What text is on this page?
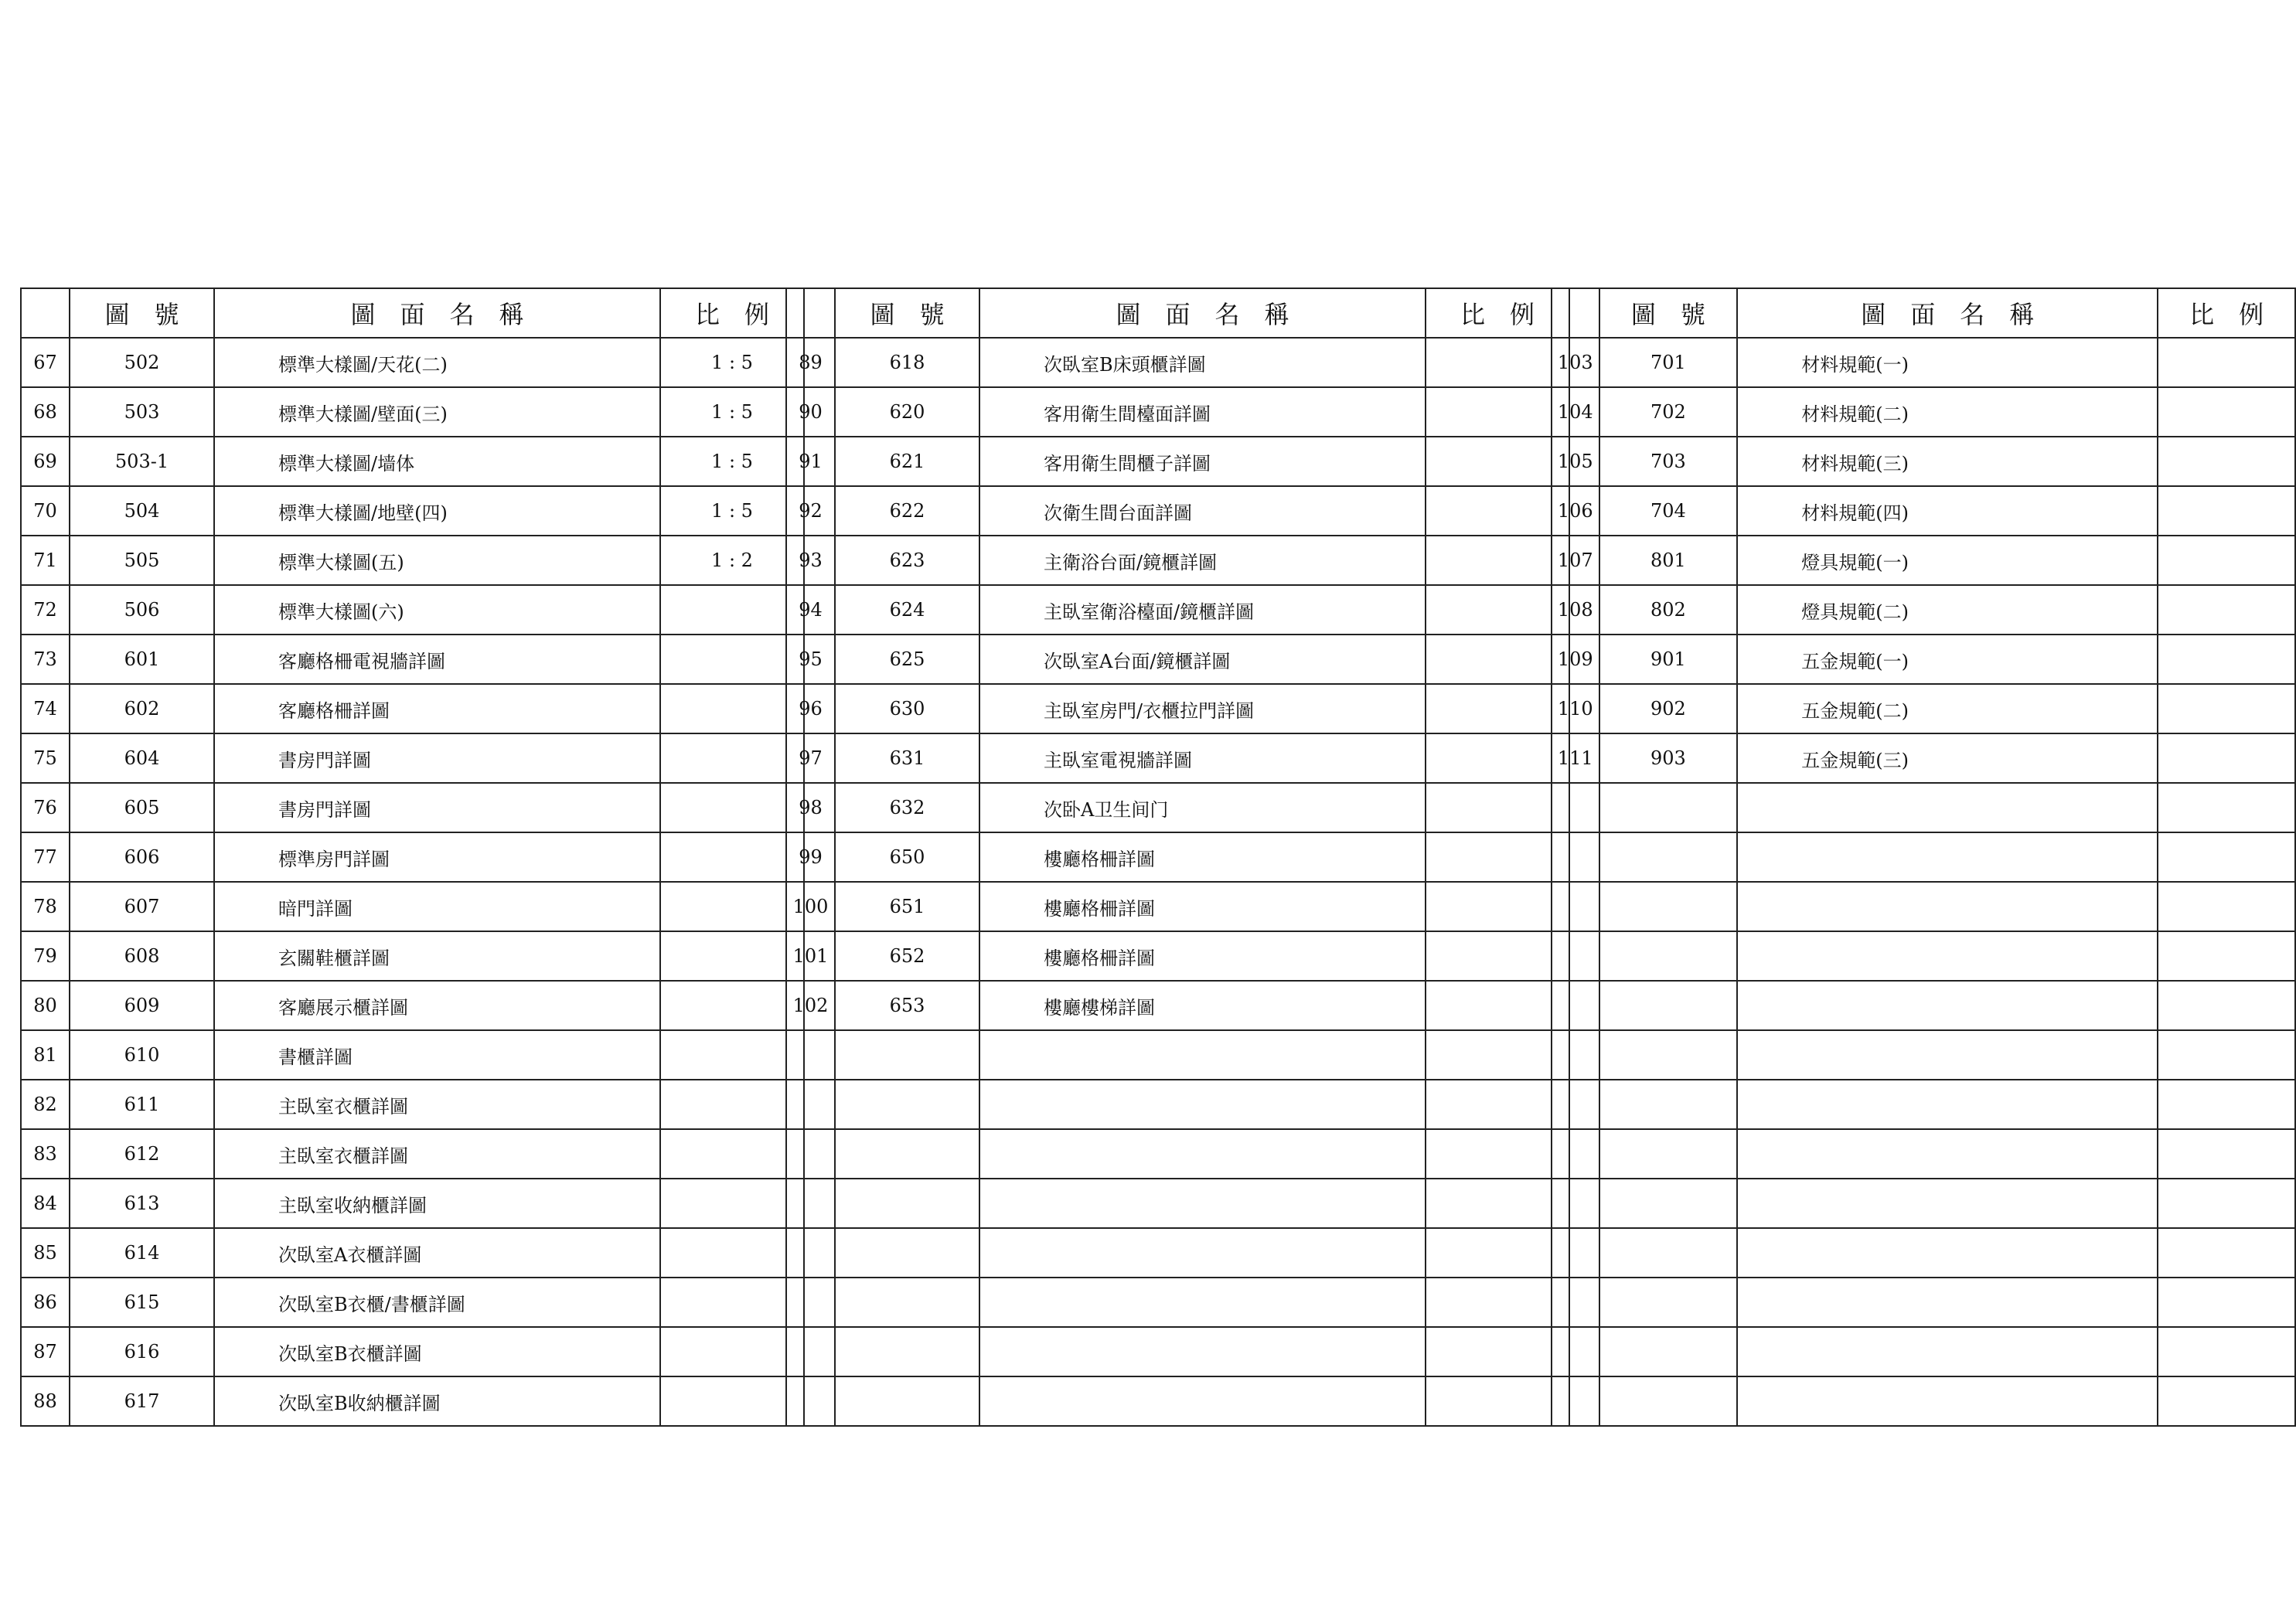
	圖　號	圖　面　名　稱	比　例
67	502	標準大樣圖/天花(二)	1 : 5
68	503	標準大樣圖/壁面(三)	1 : 5
69	503-1	標準大樣圖/墙体	1 : 5
70	504	標準大樣圖/地壁(四)	1 : 5
71	505	標準大樣圖(五)	1 : 2
72	506	標準大樣圖(六)	
73	601	客廳格柵電視牆詳圖	
74	602	客廳格柵詳圖	
75	604	書房門詳圖	
76	605	書房門詳圖	
77	606	標準房門詳圖	
78	607	暗門詳圖	
79	608	玄關鞋櫃詳圖	
80	609	客廳展示櫃詳圖	
81	610	書櫃詳圖	
82	611	主臥室衣櫃詳圖	
83	612	主臥室衣櫃詳圖	
84	613	主臥室收納櫃詳圖	
85	614	次臥室A衣櫃詳圖	
86	615	次臥室B衣櫃/書櫃詳圖	
87	616	次臥室B衣櫃詳圖	
88	617	次臥室B收納櫃詳圖	
	圖　號	圖　面　名　稱	比　例
89	618	次臥室B床頭櫃詳圖	
90	620	客用衛生間檯面詳圖	
91	621	客用衛生間櫃子詳圖	
92	622	次衛生間台面詳圖	
93	623	主衛浴台面/鏡櫃詳圖	
94	624	主臥室衛浴檯面/鏡櫃詳圖	
95	625	次臥室A台面/鏡櫃詳圖	
96	630	主臥室房門/衣櫃拉門詳圖	
97	631	主臥室電視牆詳圖	
98	632	次卧A卫生间门	
99	650	樓廳格柵詳圖	
100	651	樓廳格柵詳圖	
101	652	樓廳格柵詳圖	
102	653	樓廳樓梯詳圖	

	圖　號	圖　面　名　稱	比　例
103	701	材料規範(一)	
104	702	材料規範(二)	
105	703	材料規範(三)	
106	704	材料規範(四)	
107	801	燈具規範(一)	
108	802	燈具規範(二)	
109	901	五金規範(一)	
110	902	五金規範(二)	
111	903	五金規範(三)	
